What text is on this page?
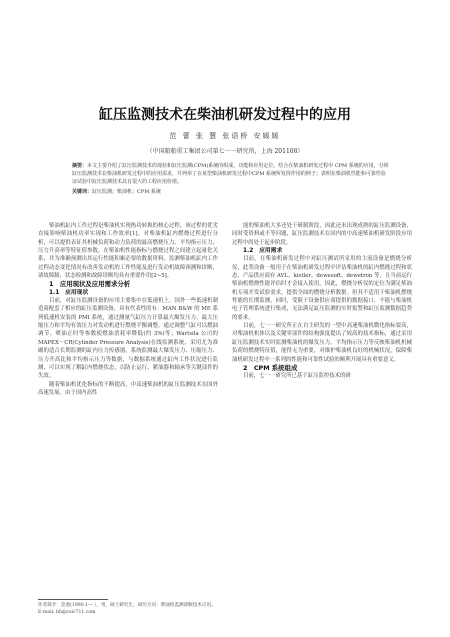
缸压监测技术在柴油机研发过程中的应用
范 蕾 张 慧 张语桥 安媛媛
（中国船舶重工集团公司第七一一研究所，上海 201108）
摘要：本文主要介绍了缸压监测技术的现状和缸压监测(CPM)系统的组成、功能和应用定位。结合在柴油机研发过程中 CPM 系统的应用，分析缸压监测技术在柴油机研发过程中的应用需求，并列举了在某型柴油机研发过程中CPM 系统所发挥作用的例子；表明在柴油机性能和可靠性验证试验中缸压监测技术具有很大的工程应用价值。
关键词：缸压监测；柴油机；CPM 系统

柴油机缸内工作过程是柴油机实现热功转换的核心过程，该过程的优劣直接影响柴油机功率实现和工作效率[1]。对柴油机缸内燃烧过程进行分析，可以提供表征其机械负荷和动力负荷的最高燃烧压力、平均指示压力、压力升高率等特征值参数，在柴油机性能指标与燃烧过程之间建立起量化关系，并为准确预测出其运行性能积累必要的数据资料。监测柴油机缸内工作过程动态变化情况有改善发动机的工作性能及进行发动机故障预测和诊断，诸故障制、状态检测和故障诊断均具有重要作用[2~5]。

1　应用现状及应用需求分析

1.1　应用现状

目前，对缸压监测设备的应用主要集中在低速机上。国外一些低速机制造商配套了相应的缸压监测设备，具有代表性的有：MAN B&W 的 ME 系列低速机安装的 PMI 系统，通过测量气缸压力计算最大爆发压力、最大压缩压力和平均有效压力对发动机进行燃烧平衡调整，通过调整气缸可以燃油调节、喷油正时等参数使燃油消耗率降低(约 3%)等；Wartsila 公司的 MAPEX－CR(Cylinder Pressure Analysis)在线监测系统，采用尤为准确的适合长期监测的缸内压力传感器，系统监测最大爆发压力、压缩压力、压力升高比和平均指示压力等数据，与数据系统通过缸内工作状况进行监测，可以实现了解缸内燃烧状态，以防止运行、紧油器和轴承等关键部件的失效。

随着柴油机优化指标的不断提高，中高速柴油机的缸压监测技术在国外高速发展。由于国内高性

能的柴油机大多还处于研制阶段，因此还未出现成熟的缸压监测设备，同时受资料或不等问题，缸压监测技术在国内的中高速柴油机研发阶段应用过程中尚处于起步阶段。

1.2　应用需求

目前，在柴油机研发过程中对缸压测试所采用的主流设备是燃烧分析仪，此类设备一般用于在柴油机研发过程中评估柴油机的缸内燃烧过程和状态，产品供应商有 AVL、kistler、dewesoft、dewetron 等，且当前运行柴油机燃烧性能评估时才会接入使用。因此，燃烧分析仪的定位为满足柴油机专项开发试验需求，提供全面的燃烧分析数据。但其不适用于柴油机燃烧性能的长期监测，同时，受限于设备供应商提供的数据接口，不能与柴油机电子管理系统进行集成，无法满足缸压监测的实时报警和缸压监测数据趋势的要求。

目前，七一一研究所正在自主研发的一型中高速柴油机微化指标要高，对柴油机机体以及关键零部件的结构强度提出了较高的技术指标，通过采用缸压监测技术实时监测柴油机的爆发压力、平均指示压力等反映柴油机机械负荷的燃烧特征值，能得无为重要，对维护柴油机良好的机械状况，保障柴油机研发过程中一系列的性能和可靠性试验的顺利开展具有重要意义。

2　CPM 系统组成

目前，七一一研究所已基于缸压监控技术的研

作者简介：范蕾(1990.1— ），男，硕士研究生，研究方向：柴油机监测诊断技术应用。
E-mail: hh@csic711.com
